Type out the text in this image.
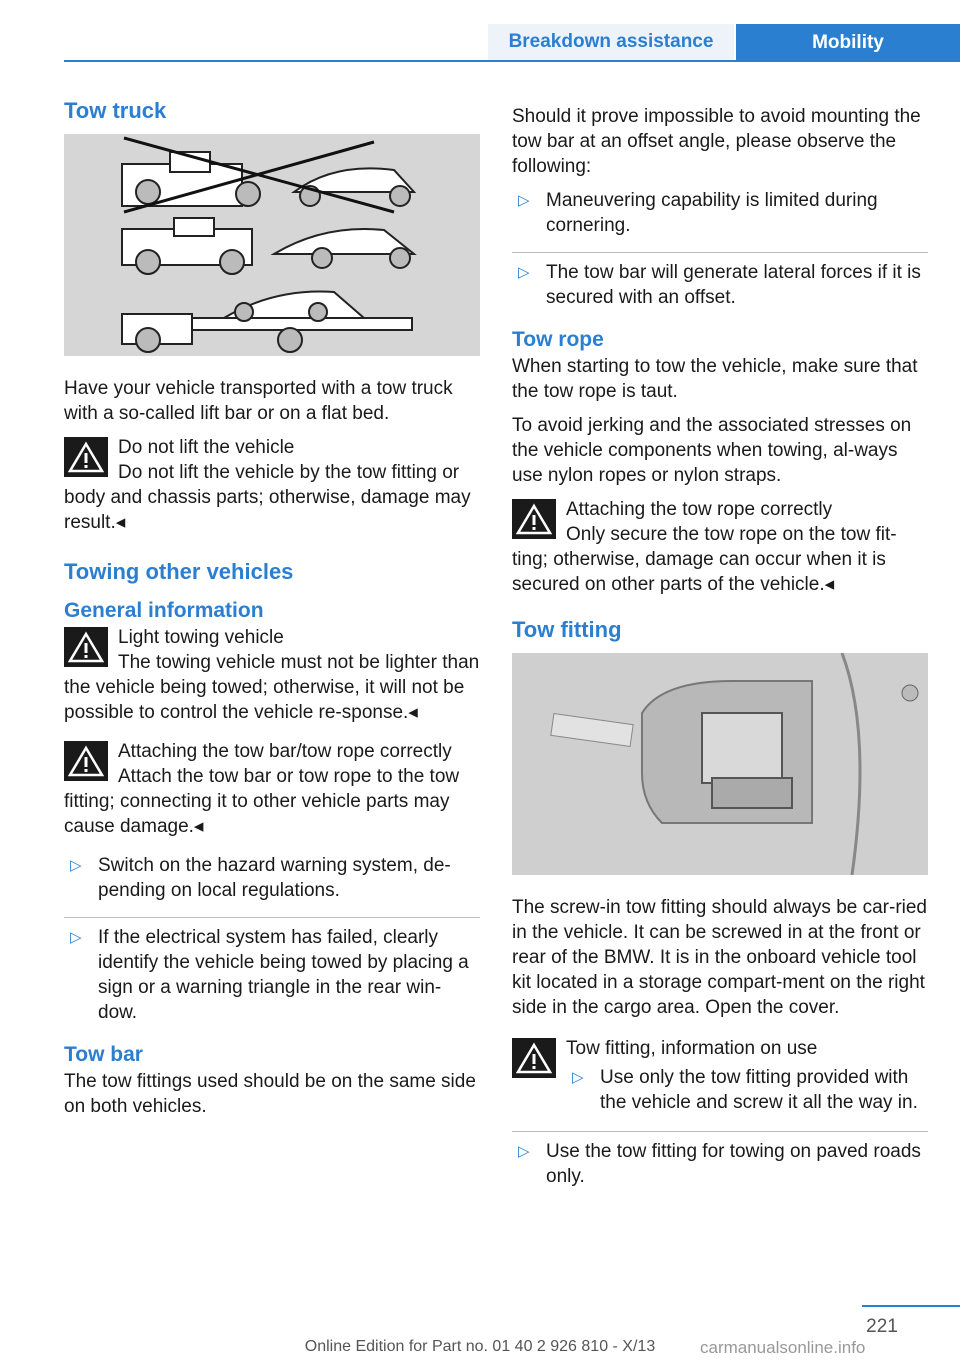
Breakdown assistance	Mobility
Tow truck

Have your vehicle transported with a tow truck with a so-called lift bar or on a flat bed.

Do not lift the vehicle
Do not lift the vehicle by the tow fitting or body and chassis parts; otherwise, damage may result.◂
Towing other vehicles
General information
Light towing vehicle
The towing vehicle must not be lighter than the vehicle being towed; otherwise, it will not be possible to control the vehicle re-sponse.◂
Attaching the tow bar/tow rope correctly
Attach the tow bar or tow rope to the tow fitting; connecting it to other vehicle parts may cause damage.◂
▷ Switch on the hazard warning system, de-pending on local regulations.
▷ If the electrical system has failed, clearly identify the vehicle being towed by placing a sign or a warning triangle in the rear win-dow.
Tow bar

The tow fittings used should be on the same side on both vehicles.

Should it prove impossible to avoid mounting the tow bar at an offset angle, please observe the following:

▷ Maneuvering capability is limited during cornering.
▷ The tow bar will generate lateral forces if it is secured with an offset.
Tow rope

When starting to tow the vehicle, make sure that the tow rope is taut.

To avoid jerking and the associated stresses on the vehicle components when towing, al-ways use nylon ropes or nylon straps.

Attaching the tow rope correctly
Only secure the tow rope on the tow fit-ting; otherwise, damage can occur when it is secured on other parts of the vehicle.◂
Tow fitting

The screw-in tow fitting should always be car-ried in the vehicle. It can be screwed in at the front or rear of the BMW. It is in the onboard vehicle tool kit located in a storage compart-ment on the right side in the cargo area. Open the cover.

Tow fitting, information on use
▷ Use only the tow fitting provided with the vehicle and screw it all the way in.
▷ Use the tow fitting for towing on paved roads only.
221
Online Edition for Part no. 01 40 2 926 810 - X/13	carmanualsonline.info
